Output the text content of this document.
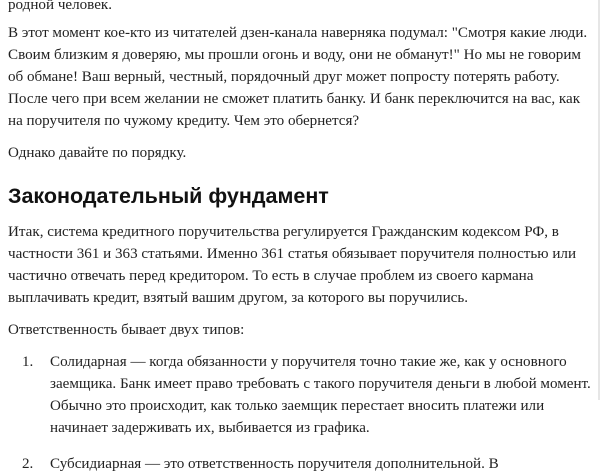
родной человек.

В этот момент кое-кто из читателей дзен-канала наверняка подумал: "Смотря какие люди. Своим близким я доверяю, мы прошли огонь и воду, они не обманут!" Но мы не говорим об обмане! Ваш верный, честный, порядочный друг может попросту потерять работу. После чего при всем желании не сможет платить банку. И банк переключится на вас, как на поручителя по чужому кредиту. Чем это обернется?

Однако давайте по порядку.

Законодательный фундамент

Итак, система кредитного поручительства регулируется Гражданским кодексом РФ, в частности 361 и 363 статьями. Именно 361 статья обязывает поручителя полностью или частично отвечать перед кредитором. То есть в случае проблем из своего кармана выплачивать кредит, взятый вашим другом, за которого вы поручились.

Ответственность бывает двух типов:

1. Солидарная — когда обязанности у поручителя точно такие же, как у основного заемщика. Банк имеет право требовать с такого поручителя деньги в любой момент. Обычно это происходит, как только заемщик перестает вносить платежи или начинает задерживать их, выбивается из графика.
2. Субсидиарная — это ответственность поручителя дополнительной. В
